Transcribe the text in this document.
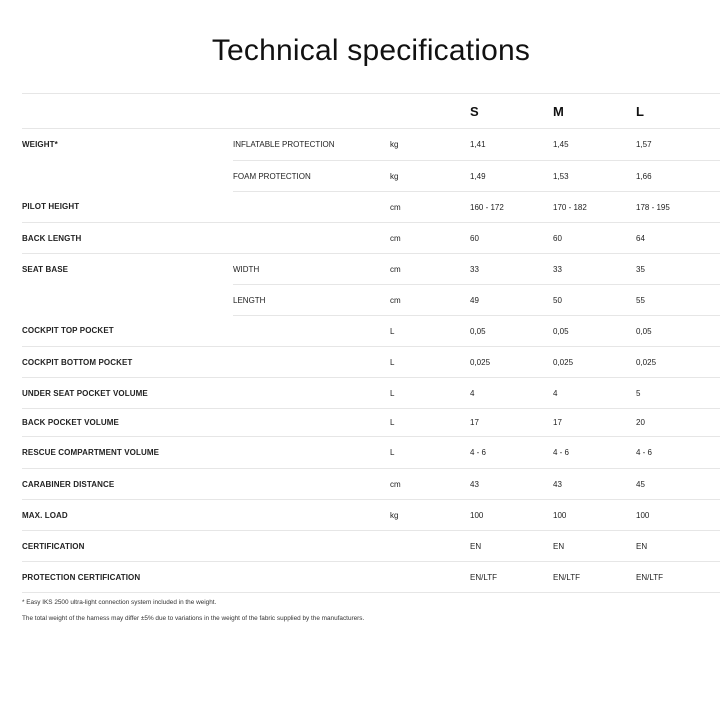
Technical specifications
			S	M	L
WEIGHT*	INFLATABLE PROTECTION	kg	1,41	1,45	1,57
	FOAM PROTECTION	kg	1,49	1,53	1,66
PILOT HEIGHT		cm	160 - 172	170 - 182	178 - 195
BACK LENGTH		cm	60	60	64
SEAT BASE	WIDTH	cm	33	33	35
	LENGTH	cm	49	50	55
COCKPIT TOP POCKET		L	0,05	0,05	0,05
COCKPIT BOTTOM POCKET		L	0,025	0,025	0,025
UNDER SEAT POCKET VOLUME		L	4	4	5
BACK POCKET VOLUME		L	17	17	20
RESCUE COMPARTMENT VOLUME		L	4 - 6	4 - 6	4 - 6
CARABINER DISTANCE		cm	43	43	45
MAX. LOAD		kg	100	100	100
CERTIFICATION			EN	EN	EN
PROTECTION CERTIFICATION			EN/LTF	EN/LTF	EN/LTF

* Easy IKS 2500 ultra-light connection system included in the weight.

The total weight of the harness may differ ±5% due to variations in the weight of the fabric supplied by the manufacturers.
